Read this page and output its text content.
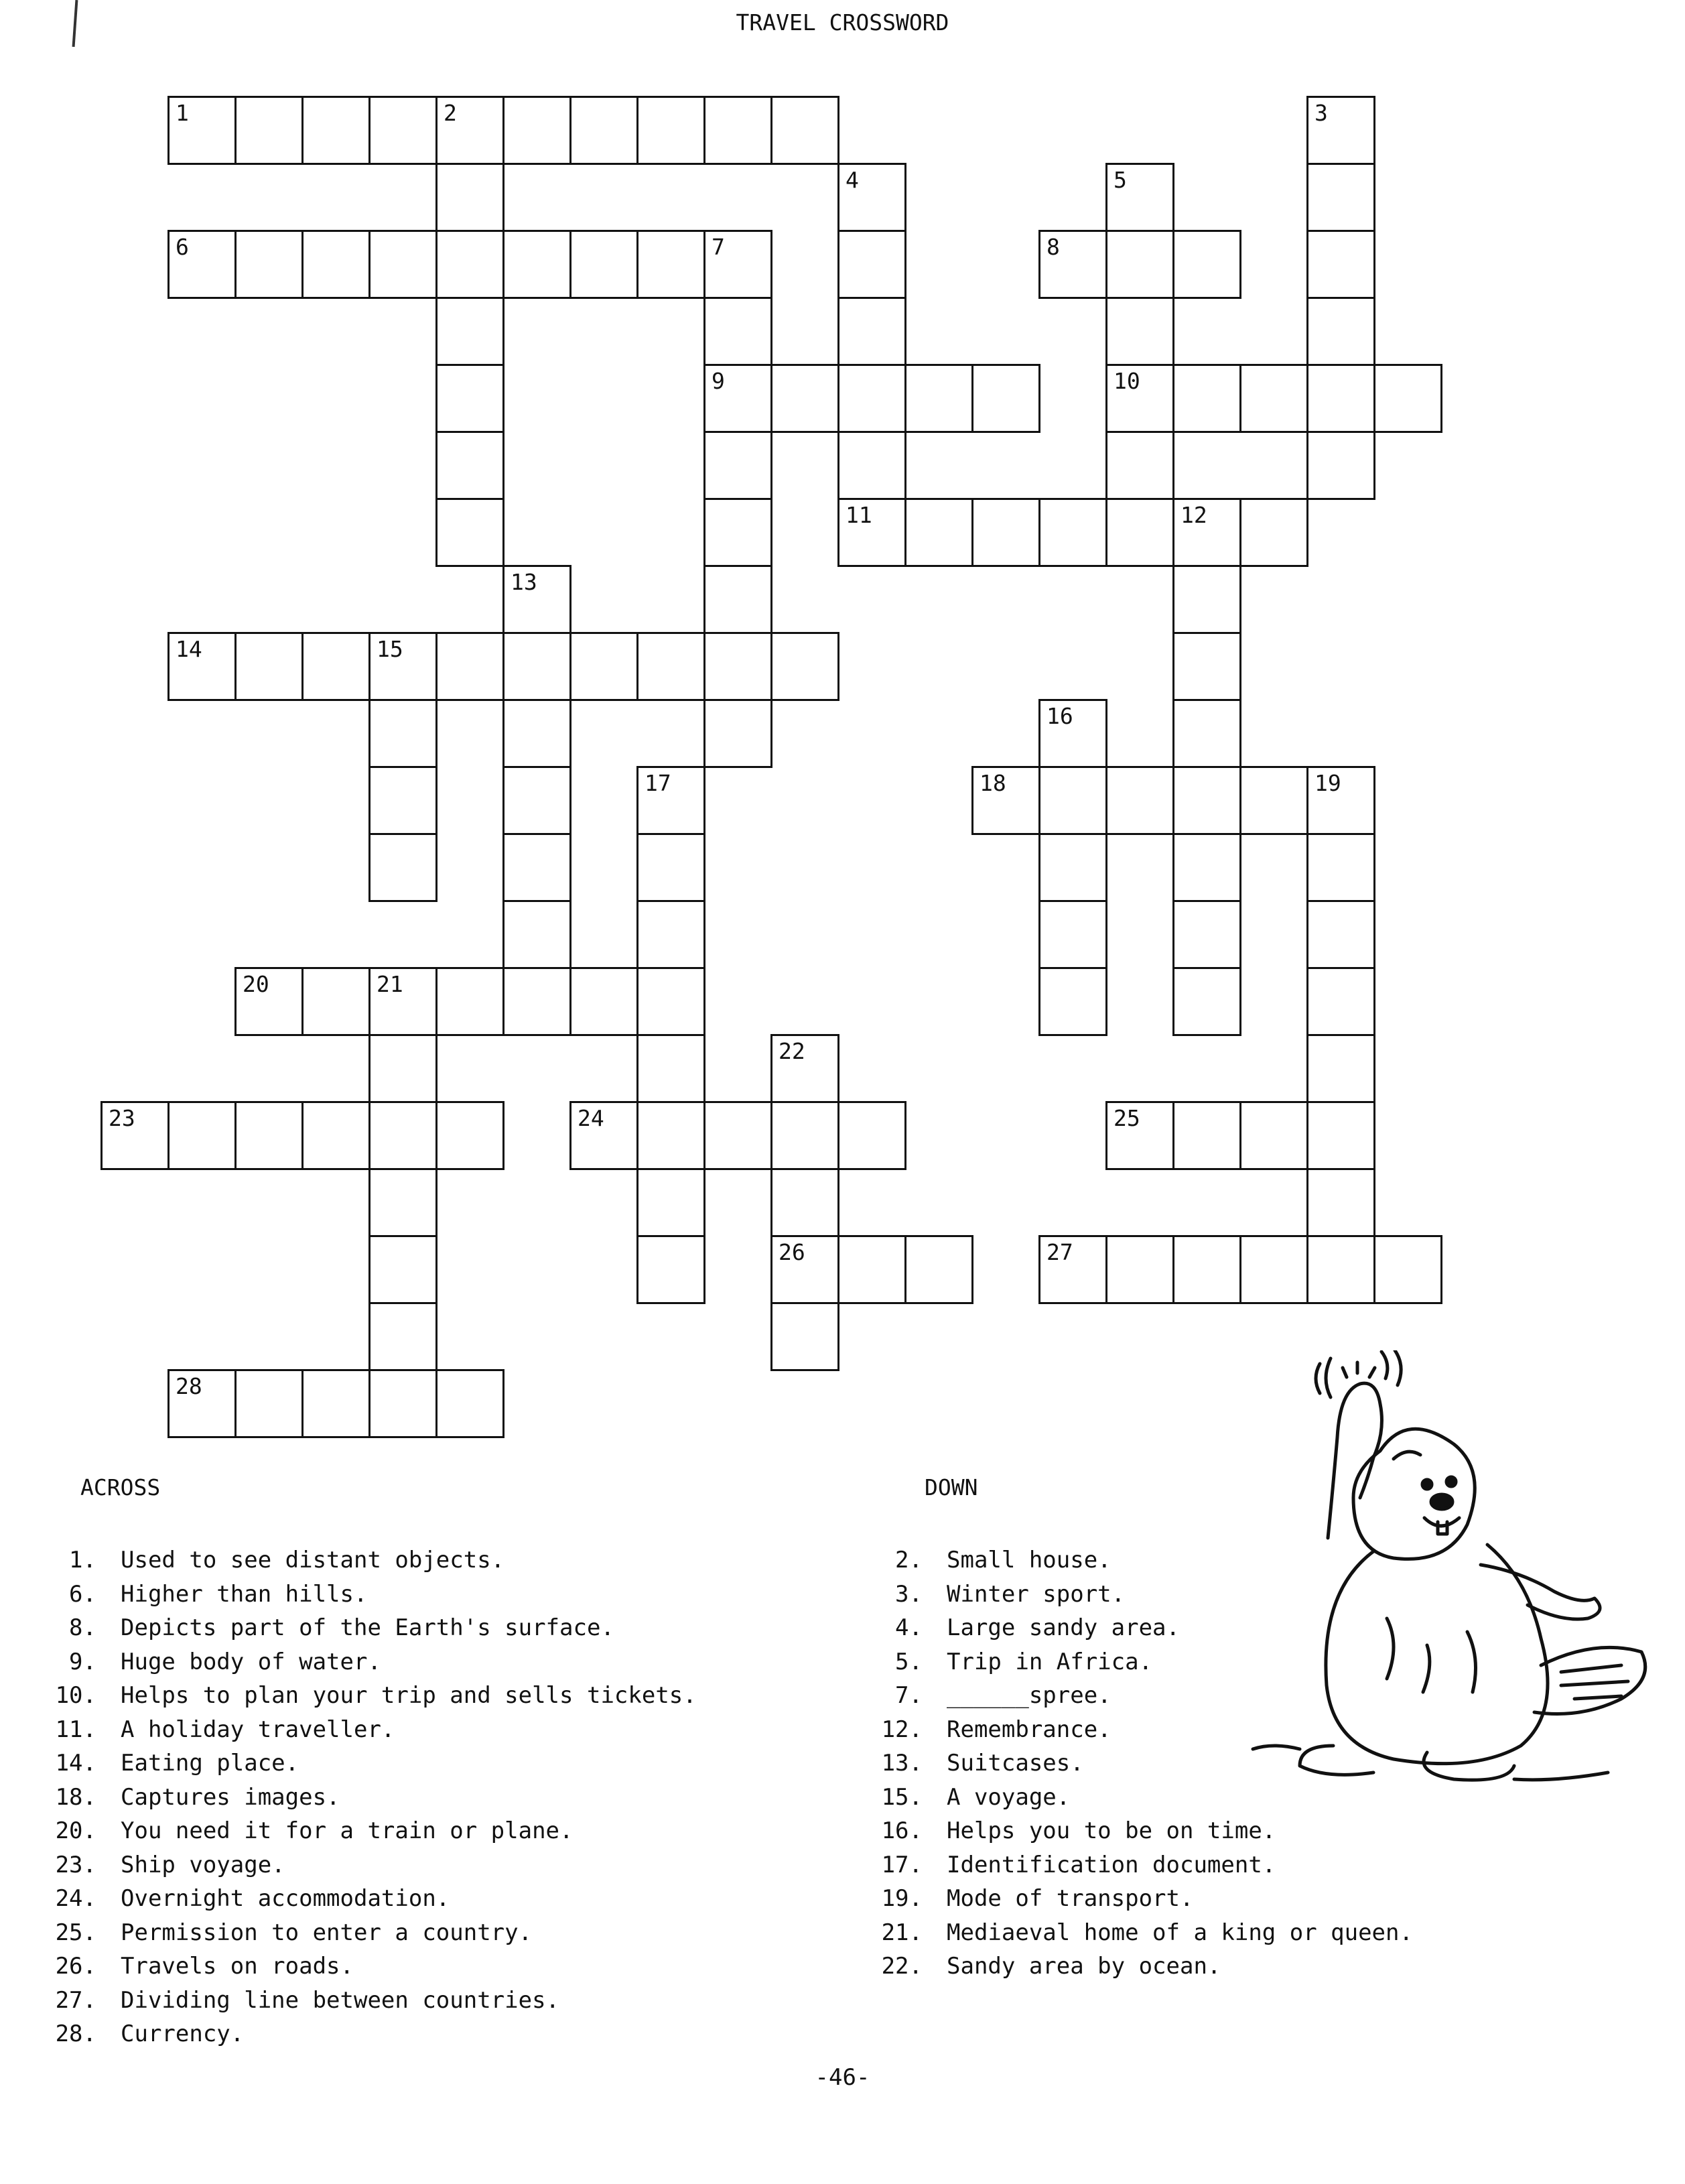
TRAVEL CROSSWORD
1	2
6	7	8
9	10
11	12
14	15
18	19
20	21
23	24	25
26	27
28
3
4	5
13
16
17
22
ACROSS	DOWN
1. Used to see distant objects.
6. Higher than hills.
8. Depicts part of the Earth's surface.
9. Huge body of water.
10. Helps to plan your trip and sells tickets.
11. A holiday traveller.
14. Eating place.
18. Captures images.
20. You need it for a train or plane.
23. Ship voyage.
24. Overnight accommodation.
25. Permission to enter a country.
26. Travels on roads.
27. Dividing line between countries.
28. Currency.
2. Small house.
3. Winter sport.
4. Large sandy area.
5. Trip in Africa.
7. ______spree.
12. Remembrance.
13. Suitcases.
15. A voyage.
16. Helps you to be on time.
17. Identification document.
19. Mode of transport.
21. Mediaeval home of a king or queen.
22. Sandy area by ocean.
-46-
